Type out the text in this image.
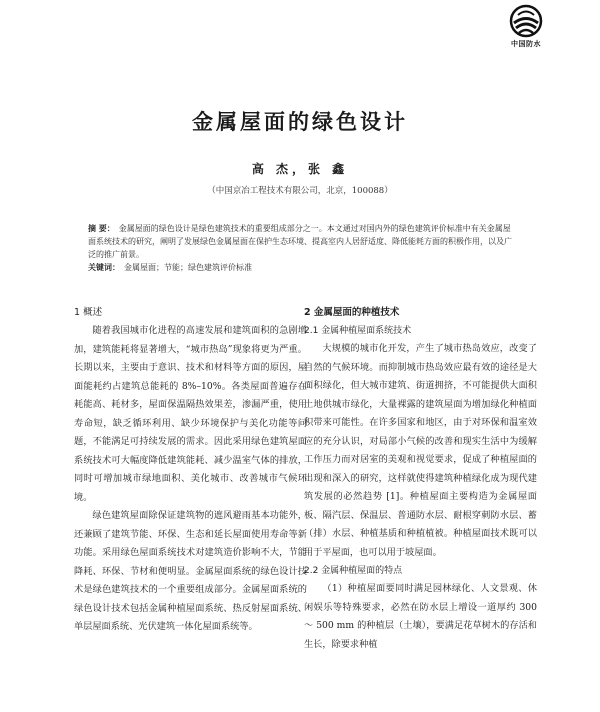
中国防水
金属屋面的绿色设计
高 杰，张 鑫
（中国京冶工程技术有限公司，北京，100088）

摘 要： 金属屋面的绿色设计是绿色建筑技术的重要组成部分之一。本文通过对国内外的绿色建筑评价标准中有关金属屋面系统技术的研究，阐明了发展绿色金属屋面在保护生态环境、提高室内人居舒适度、降低能耗方面的积极作用，以及广泛的推广前景。

关键词： 金属屋面；节能；绿色建筑评价标准

1 概述

随着我国城市化进程的高速发展和建筑面积的急剧增加，建筑能耗将显著增大，“城市热岛”现象将更为严重。长期以来，主要由于意识、技术和材料等方面的原因，屋面能耗约占建筑总能耗的 8%–10%。各类屋面普遍存在耗能高、耗材多，屋面保温隔热效果差，渗漏严重，使用寿命短，缺乏循环利用、缺少环境保护与美化功能等问题，不能满足可持续发展的需求。因此采用绿色建筑屋面系统技术可大幅度降低建筑能耗、减少温室气体的排放，同时可增加城市绿地面积、美化城市、改善城市气候环境。

绿色建筑屋面除保证建筑物的遮风避雨基本功能外，还兼顾了建筑节能、环保、生态和延长屋面使用寿命等新功能。采用绿色屋面系统技术对建筑造价影响不大，节能降耗、环保、节材和便明显。金属屋面系统的绿色设计技术是绿色建筑技术的一个重要组成部分。金属屋面系统的绿色设计技术包括金属种植屋面系统、热反射屋面系统、单层屋面系统、光伏建筑一体化屋面系统等。

2 金属屋面的种植技术
2.1 金属种植屋面系统技术

大规模的城市化开发，产生了城市热岛效应，改变了自然的气候环境。而抑制城市热岛效应最有效的途径是大面积绿化，但大城市建筑、街道拥挤，不可能提供大面积土地供城市绿化，大量裸露的建筑屋面为增加绿化种植面积带来可能性。在许多国家和地区，由于对环保和温室效应的充分认识，对局部小气候的改善和现实生活中为缓解工作压力而对居室的美观和视觉要求，促成了种植屋面的出现和深入的研究，这样就使得建筑种植绿化成为现代建筑发展的必然趋势 [1]。种植屋面主要构造为金属屋面板、隔汽层、保温层、普通防水层、耐根穿刺防水层、蓄（排）水层、种植基质和种植植被。种植屋面技术既可以用于平屋面，也可以用于坡屋面。

2.2 金属种植屋面的特点

（1）种植屋面要同时满足园林绿化、人文景观、休闲娱乐等特殊要求，必然在防水层上增设一道厚约 300 ～ 500 mm 的种植层（土壤），要满足花草树木的存活和生长，除要求种植
